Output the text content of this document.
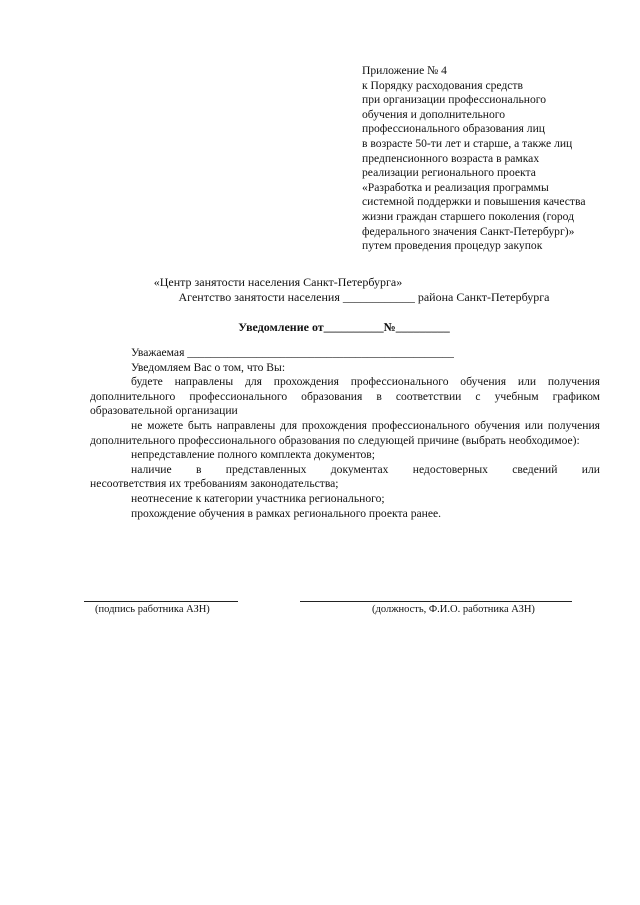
Приложение № 4
к Порядку расходования средств
при организации профессионального
обучения и дополнительного
профессионального образования лиц
в возрасте 50-ти лет и старше, а также лиц
предпенсионного возраста в рамках
реализации регионального проекта
«Разработка и реализация программы
системной поддержки и повышения качества
жизни граждан старшего поколения (город
федерального значения Санкт-Петербург)»
путем проведения процедур закупок
«Центр занятости населения Санкт-Петербурга»
Агентство занятости населения ____________ района Санкт-Петербурга
Уведомление от__________№_________

Уважаемая ______________________________________________

Уведомляем Вас о том, что Вы:

будете направлены для прохождения профессионального обучения или получения дополнительного профессионального образования в соответствии с учебным графиком образовательной организации

не можете быть направлены для прохождения профессионального обучения или получения дополнительного профессионального образования по следующей причине (выбрать необходимое):

непредставление полного комплекта документов;

наличие в представленных документах недостоверных сведений или

несоответствия их требованиям законодательства;

неотнесение к категории участника регионального;

прохождение обучения в рамках регионального проекта ранее.

(подпись работника АЗН)	(должность, Ф.И.О. работника АЗН)
